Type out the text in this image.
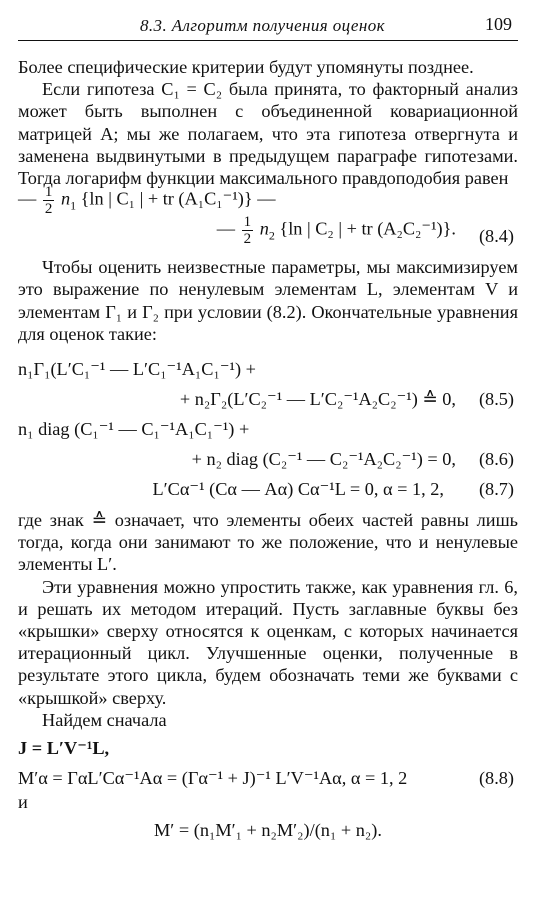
8.3. Алгоритм получения оценок	109

Более специфические критерии будут упомянуты позднее.

Если гипотеза C₁ = C₂ была принята, то факторный анализ может быть выполнен с объединенной ковариационной матрицей A; мы же полагаем, что эта гипотеза отвергнута и заменена выдвинутыми в предыдущем параграфе гипотезами. Тогда логарифм функции максимального правдоподобия равен

— $\frac{1}{2} n_1$ {ln | C₁ | + tr (A₁C₁⁻¹)} —
— $\frac{1}{2} n_2$ {ln | C₂ | + tr (A₂C₂⁻¹)}. (8.4)

Чтобы оценить неизвестные параметры, мы максимизируем это выражение по ненулевым элементам L, элементам V и элементам Γ₁ и Γ₂ при условии (8.2). Окончательные уравнения для оценок такие:

n₁Γ₁(L′C₁⁻¹ — L′C₁⁻¹A₁C₁⁻¹) +
+ n₂Γ₂(L′C₂⁻¹ — L′C₂⁻¹A₂C₂⁻¹) ≙ 0, (8.5)
n₁ diag (C₁⁻¹ — C₁⁻¹A₁C₁⁻¹) +
+ n₂ diag (C₂⁻¹ — C₂⁻¹A₂C₂⁻¹) = 0, (8.6)
L′Cα⁻¹ (Cα — Aα) Cα⁻¹L = 0, α = 1, 2, (8.7)

где знак ≙ означает, что элементы обеих частей равны лишь тогда, когда они занимают то же положение, что и ненулевые элементы L′.

Эти уравнения можно упростить также, как уравнения гл. 6, и решать их методом итераций. Пусть заглавные буквы без «крышки» сверху относятся к оценкам, с которых начинается итерационный цикл. Улучшенные оценки, полученные в результате этого цикла, будем обозначать теми же буквами с «крышкой» сверху.

Найдем сначала

J = L′V⁻¹L,
M′α = ΓαL′Cα⁻¹Aα = (Γα⁻¹ + J)⁻¹ L′V⁻¹Aα, α = 1, 2	(8.8)

и

M′ = (n₁M′₁ + n₂M′₂)/(n₁ + n₂).
